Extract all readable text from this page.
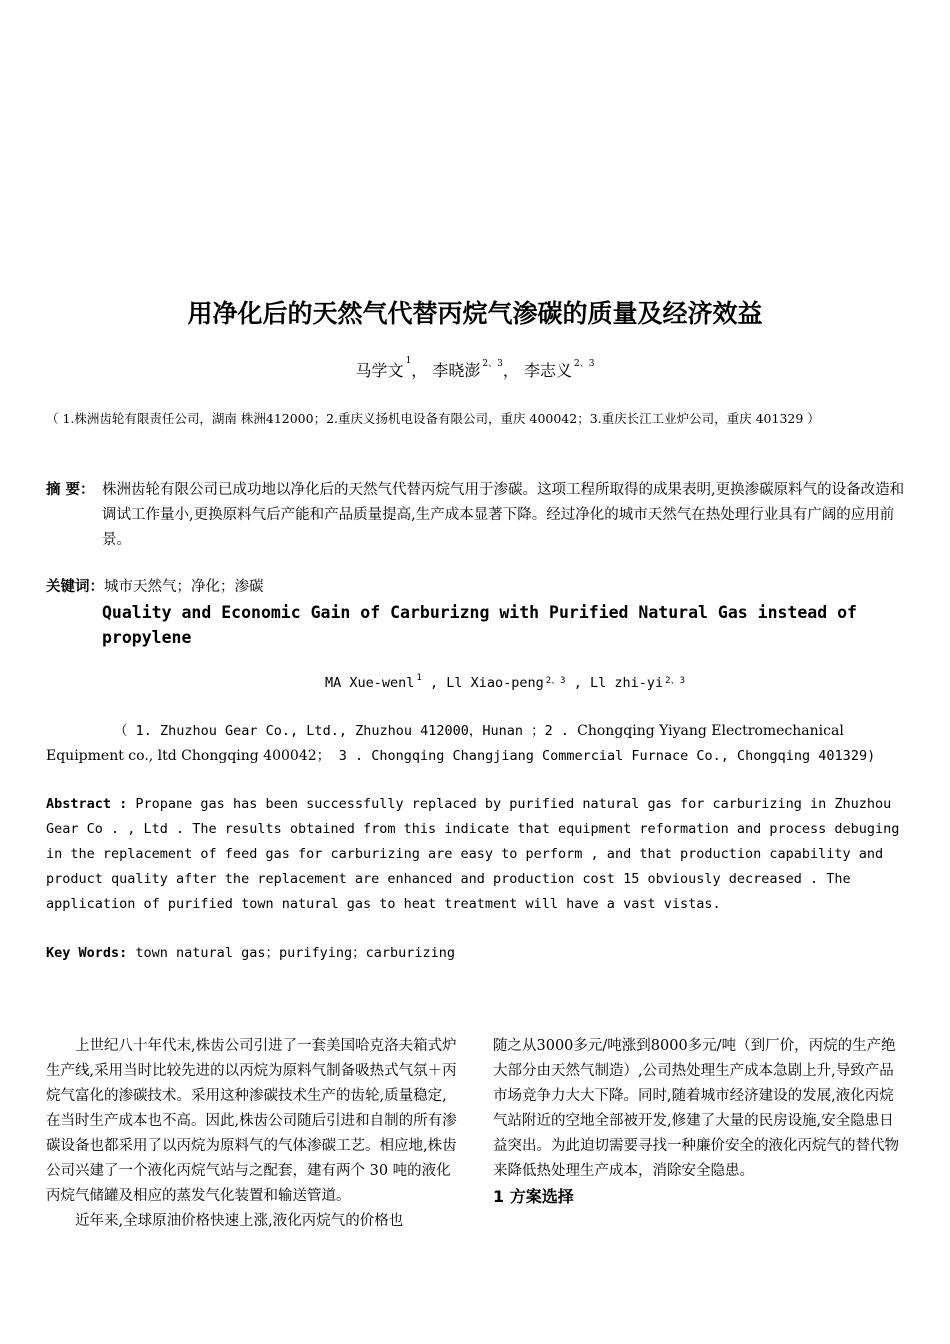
用净化后的天然气代替丙烷气渗碳的质量及经济效益
马学文 $^1$， 李晓澎 $^{2、3}$， 李志义 $^{2、3}$
（ 1.株洲齿轮有限责任公司，湖南 株洲412000；2.重庆义扬机电设备有限公司，重庆 400042；3.重庆长江工业炉公司，重庆 401329 ）
摘 要： 株洲齿轮有限公司已成功地以净化后的天然气代替丙烷气用于渗碳。这项工程所取得的成果表明,更换渗碳原料气的设备改造和调试工作量小,更换原料气后产能和产品质量提高,生产成本显著下降。经过净化的城市天然气在热处理行业具有广阔的应用前景。
关键词：城市天然气；净化；渗碳
Quality and Economic Gain of Carburizng with Purified Natural Gas instead of propylene
MA Xue-wenl $^1$ , Ll Xiao-peng $^{2、3}$ , Ll zhi-yi $^{2、3}$
（ 1. Zhuzhou Gear Co., Ltd., Zhuzhou 412000，Hunan ；2 . Chongqing Yiyang Electromechanical Equipment co., ltd Chongqing 400042； 3 . Chongqing Changjiang Commercial Furnace Co., Chongqing 401329)
Abstract : Propane gas has been successfully replaced by purified natural gas for carburizing in Zhuzhou Gear Co . , Ltd . The results obtained from this indicate that equipment reformation and process debuging in the replacement of feed gas for carburizing are easy to perform , and that production capability and product quality after the replacement are enhanced and production cost 15 obviously decreased . The application of purified town natural gas to heat treatment will have a vast vistas.
Key Words: town natural gas；purifying；carburizing

上世纪八十年代末,株齿公司引进了一套美国哈克洛夫箱式炉生产线,采用当时比较先进的以丙烷为原料气制备吸热式气氛＋丙烷气富化的渗碳技术。采用这种渗碳技术生产的齿轮,质量稳定,在当时生产成本也不高。因此,株齿公司随后引进和自制的所有渗碳设备也都采用了以丙烷为原料气的气体渗碳工艺。相应地,株齿公司兴建了一个液化丙烷气站与之配套，建有两个 30 吨的液化丙烷气储罐及相应的蒸发气化装置和输送管道。

近年来,全球原油价格快速上涨,液化丙烷气的价格也

随之从3000多元/吨涨到8000多元/吨（到厂价，丙烷的生产绝大部分由天然气制造）,公司热处理生产成本急剧上升,导致产品市场竞争力大大下降。同时,随着城市经济建设的发展,液化丙烷气站附近的空地全部被开发,修建了大量的民房设施,安全隐患日益突出。为此迫切需要寻找一种廉价安全的液化丙烷气的替代物来降低热处理生产成本，消除安全隐患。

1 方案选择
